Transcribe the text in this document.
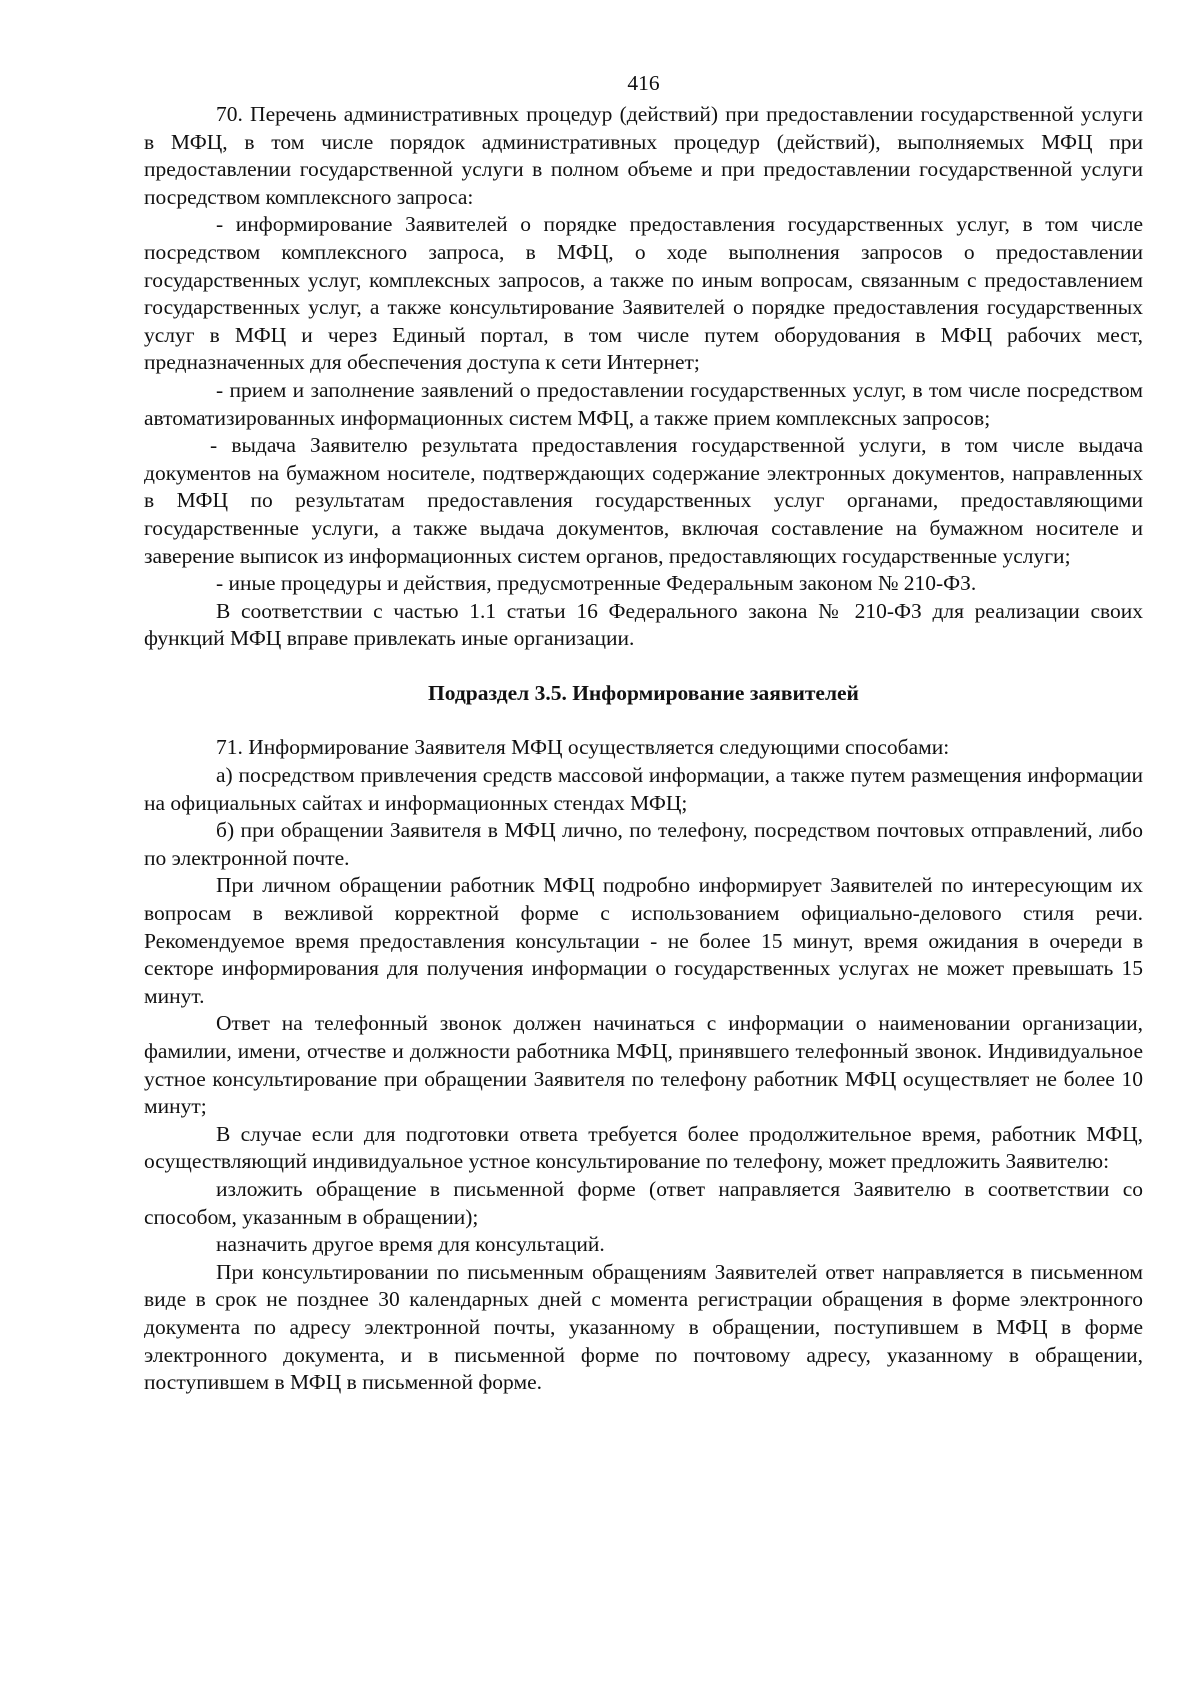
416

70. Перечень административных процедур (действий) при предоставлении государственной услуги в МФЦ, в том числе порядок административных процедур (действий), выполняемых МФЦ при предоставлении государственной услуги в полном объеме и при предоставлении государственной услуги посредством комплексного запроса:

- информирование Заявителей о порядке предоставления государственных услуг, в том числе посредством комплексного запроса, в МФЦ, о ходе выполнения запросов о предоставлении государственных услуг, комплексных запросов, а также по иным вопросам, связанным с предоставлением государственных услуг, а также консультирование Заявителей о порядке предоставления государственных услуг в МФЦ и через Единый портал, в том числе путем оборудования в МФЦ рабочих мест, предназначенных для обеспечения доступа к сети Интернет;

- прием и заполнение заявлений о предоставлении государственных услуг, в том числе посредством автоматизированных информационных систем МФЦ, а также прием комплексных запросов;

- выдача Заявителю результата предоставления государственной услуги, в том числе выдача документов на бумажном носителе, подтверждающих содержание электронных документов, направленных в МФЦ по результатам предоставления государственных услуг органами, предоставляющими государственные услуги, а также выдача документов, включая составление на бумажном носителе и заверение выписок из информационных систем органов, предоставляющих государственные услуги;

- иные процедуры и действия, предусмотренные Федеральным законом № 210-ФЗ.

В соответствии с частью 1.1 статьи 16 Федерального закона № 210-ФЗ для реализации своих функций МФЦ вправе привлекать иные организации.

Подраздел 3.5. Информирование заявителей

71. Информирование Заявителя МФЦ осуществляется следующими способами:

а) посредством привлечения средств массовой информации, а также путем размещения информации на официальных сайтах и информационных стендах МФЦ;

б) при обращении Заявителя в МФЦ лично, по телефону, посредством почтовых отправлений, либо по электронной почте.

При личном обращении работник МФЦ подробно информирует Заявителей по интересующим их вопросам в вежливой корректной форме с использованием официально-делового стиля речи. Рекомендуемое время предоставления консультации - не более 15 минут, время ожидания в очереди в секторе информирования для получения информации о государственных услугах не может превышать 15 минут.

Ответ на телефонный звонок должен начинаться с информации о наименовании организации, фамилии, имени, отчестве и должности работника МФЦ, принявшего телефонный звонок. Индивидуальное устное консультирование при обращении Заявителя по телефону работник МФЦ осуществляет не более 10 минут;

В случае если для подготовки ответа требуется более продолжительное время, работник МФЦ, осуществляющий индивидуальное устное консультирование по телефону, может предложить Заявителю:

изложить обращение в письменной форме (ответ направляется Заявителю в соответствии со способом, указанным в обращении);

назначить другое время для консультаций.

При консультировании по письменным обращениям Заявителей ответ направляется в письменном виде в срок не позднее 30 календарных дней с момента регистрации обращения в форме электронного документа по адресу электронной почты, указанному в обращении, поступившем в МФЦ в форме электронного документа, и в письменной форме по почтовому адресу, указанному в обращении, поступившем в МФЦ в письменной форме.
